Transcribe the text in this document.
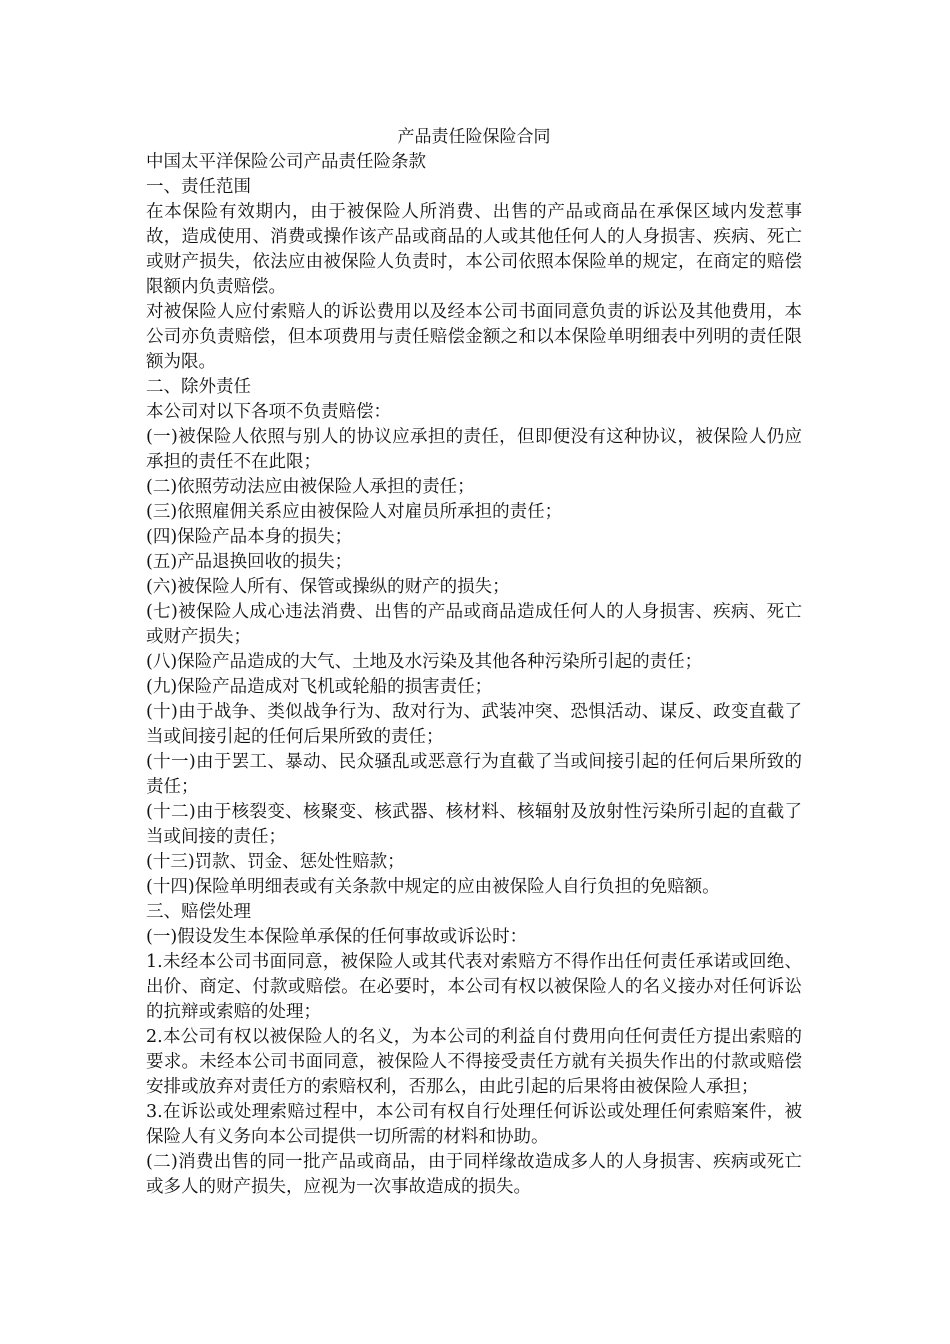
产品责任险保险合同

中国太平洋保险公司产品责任险条款

一、责任范围

在本保险有效期内，由于被保险人所消费、出售的产品或商品在承保区域内发惹事故，造成使用、消费或操作该产品或商品的人或其他任何人的人身损害、疾病、死亡或财产损失，依法应由被保险人负责时，本公司依照本保险单的规定，在商定的赔偿限额内负责赔偿。

对被保险人应付索赔人的诉讼费用以及经本公司书面同意负责的诉讼及其他费用，本公司亦负责赔偿，但本项费用与责任赔偿金额之和以本保险单明细表中列明的责任限额为限。

二、除外责任

本公司对以下各项不负责赔偿：

(一)被保险人依照与别人的协议应承担的责任，但即便没有这种协议，被保险人仍应承担的责任不在此限；

(二)依照劳动法应由被保险人承担的责任；

(三)依照雇佣关系应由被保险人对雇员所承担的责任；

(四)保险产品本身的损失；

(五)产品退换回收的损失；

(六)被保险人所有、保管或操纵的财产的损失；

(七)被保险人成心违法消费、出售的产品或商品造成任何人的人身损害、疾病、死亡或财产损失；

(八)保险产品造成的大气、土地及水污染及其他各种污染所引起的责任；

(九)保险产品造成对飞机或轮船的损害责任；

(十)由于战争、类似战争行为、敌对行为、武装冲突、恐惧活动、谋反、政变直截了当或间接引起的任何后果所致的责任；

(十一)由于罢工、暴动、民众骚乱或恶意行为直截了当或间接引起的任何后果所致的责任；

(十二)由于核裂变、核聚变、核武器、核材料、核辐射及放射性污染所引起的直截了当或间接的责任；

(十三)罚款、罚金、惩处性赔款；

(十四)保险单明细表或有关条款中规定的应由被保险人自行负担的免赔额。

三、赔偿处理

(一)假设发生本保险单承保的任何事故或诉讼时：

1.未经本公司书面同意，被保险人或其代表对索赔方不得作出任何责任承诺或回绝、出价、商定、付款或赔偿。在必要时，本公司有权以被保险人的名义接办对任何诉讼的抗辩或索赔的处理；

2.本公司有权以被保险人的名义，为本公司的利益自付费用向任何责任方提出索赔的要求。未经本公司书面同意，被保险人不得接受责任方就有关损失作出的付款或赔偿安排或放弃对责任方的索赔权利，否那么，由此引起的后果将由被保险人承担；

3.在诉讼或处理索赔过程中，本公司有权自行处理任何诉讼或处理任何索赔案件，被保险人有义务向本公司提供一切所需的材料和协助。

(二)消费出售的同一批产品或商品，由于同样缘故造成多人的人身损害、疾病或死亡或多人的财产损失，应视为一次事故造成的损失。
